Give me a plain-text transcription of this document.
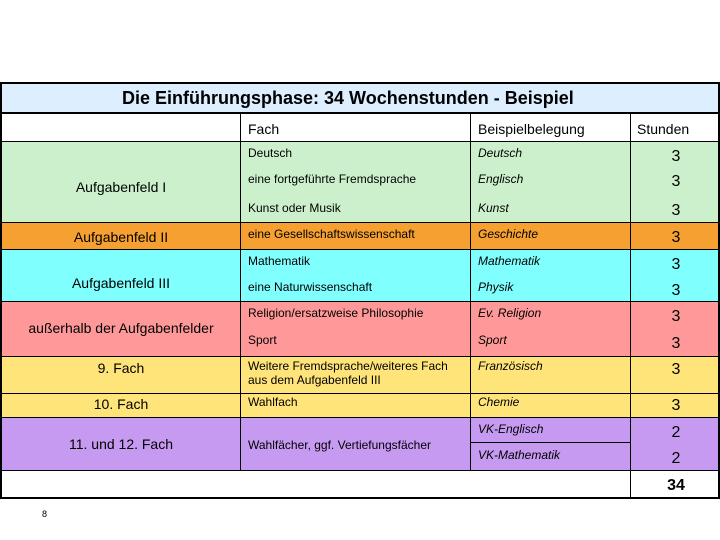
Die Einführungsphase: 34 Wochenstunden - Beispiel
Fach	Beispielbelegung	Stunden
Aufgabenfeld I
Aufgabenfeld II
Aufgabenfeld III
außerhalb der Aufgabenfelder
9. Fach
10. Fach
11. und 12. Fach
Deutsch
eine fortgeführte Fremdsprache
Kunst oder Musik
eine Gesellschaftswissenschaft
Mathematik
eine Naturwissenschaft
Religion/ersatzweise Philosophie
Sport
Weitere Fremdsprache/weiteres Fach aus dem Aufgabenfeld III
Wahlfach
Wahlfächer, ggf. Vertiefungsfächer
Deutsch
Englisch
Kunst
Geschichte
Mathematik
Physik
Ev. Religion
Sport
Französisch
Chemie
VK-Englisch
VK-Mathematik
3
3
3
3
3
3
3
3
3
3
2
2
34
8
